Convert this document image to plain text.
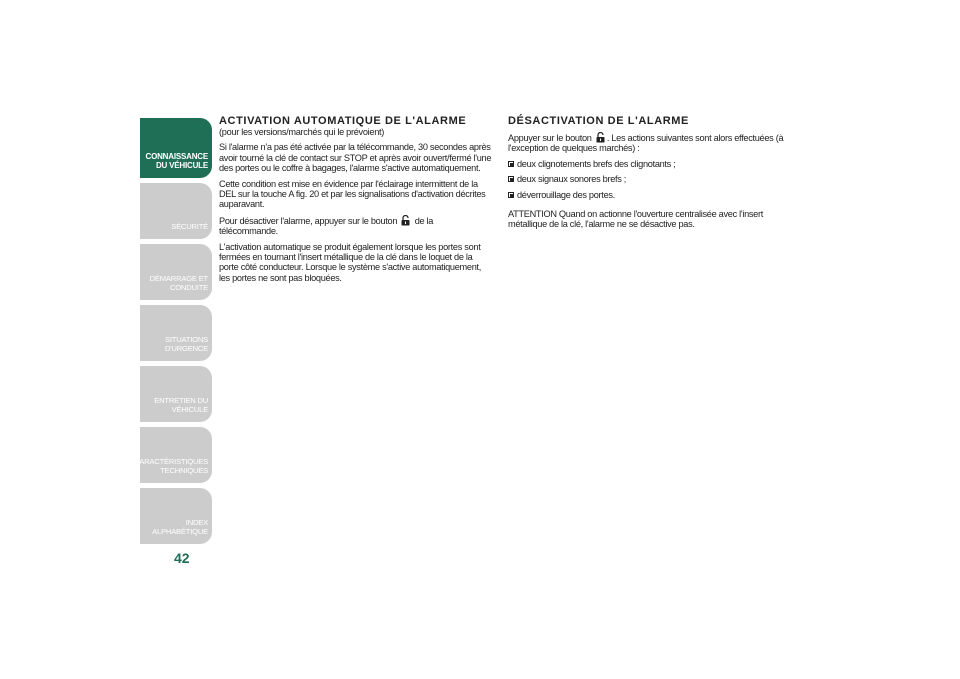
CONNAISSANCE
DU VÉHICULE
SÉCURITÉ
DÉMARRAGE ET
CONDUITE
SITUATIONS
D'URGENCE
ENTRETIEN DU
VÉHICULE
CARACTÉRISTIQUES
TECHNIQUES
INDEX
ALPHABÉTIQUE
42
ACTIVATION AUTOMATIQUE DE L'ALARME

(pour les versions/marchés qui le prévoient)

Si l'alarme n'a pas été activée par la télécommande, 30 secondes après avoir tourné la clé de contact sur STOP et après avoir ouvert/fermé l'une des portes ou le coffre à bagages, l'alarme s'active automatiquement.

Cette condition est mise en évidence par l'éclairage intermittent de la DEL sur la touche A fig. 20 et par les signalisations d'activation décrites auparavant.

Pour désactiver l'alarme, appuyer sur le bouton de la télécommande.

L'activation automatique se produit également lorsque les portes sont fermées en tournant l'insert métallique de la clé dans le loquet de la porte côté conducteur. Lorsque le système s'active automatiquement, les portes ne sont pas bloquées.

DÉSACTIVATION DE L'ALARME

Appuyer sur le bouton . Les actions suivantes sont alors effectuées (à l'exception de quelques marchés) :

deux clignotements brefs des clignotants ;
deux signaux sonores brefs ;
déverrouillage des portes.

ATTENTION Quand on actionne l'ouverture centralisée avec l'insert métallique de la clé, l'alarme ne se désactive pas.
